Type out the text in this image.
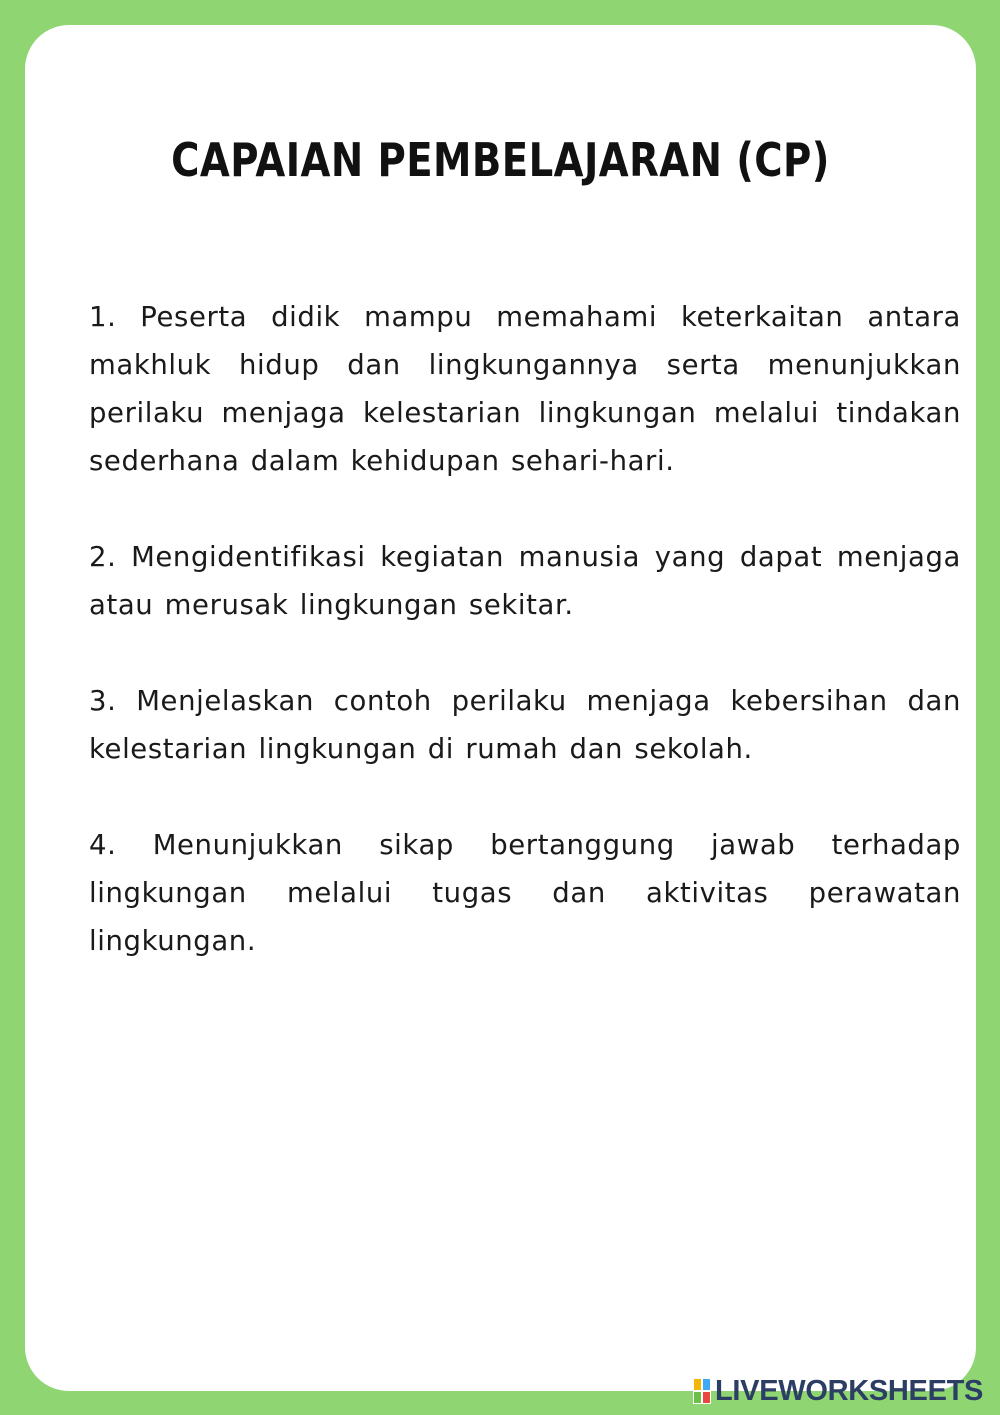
CAPAIAN PEMBELAJARAN (CP)

1. Peserta didik mampu memahami keterkaitan antara makhluk hidup dan lingkungannya serta menunjukkan perilaku menjaga kelestarian lingkungan melalui tindakan sederhana dalam kehidupan sehari-hari.

2. Mengidentifikasi kegiatan manusia yang dapat menjaga atau merusak lingkungan sekitar.

3. Menjelaskan contoh perilaku menjaga kebersihan dan kelestarian lingkungan di rumah dan sekolah.

4. Menunjukkan sikap bertanggung jawab terhadap lingkungan melalui tugas dan aktivitas perawatan lingkungan.

LIVEWORKSHEETS
